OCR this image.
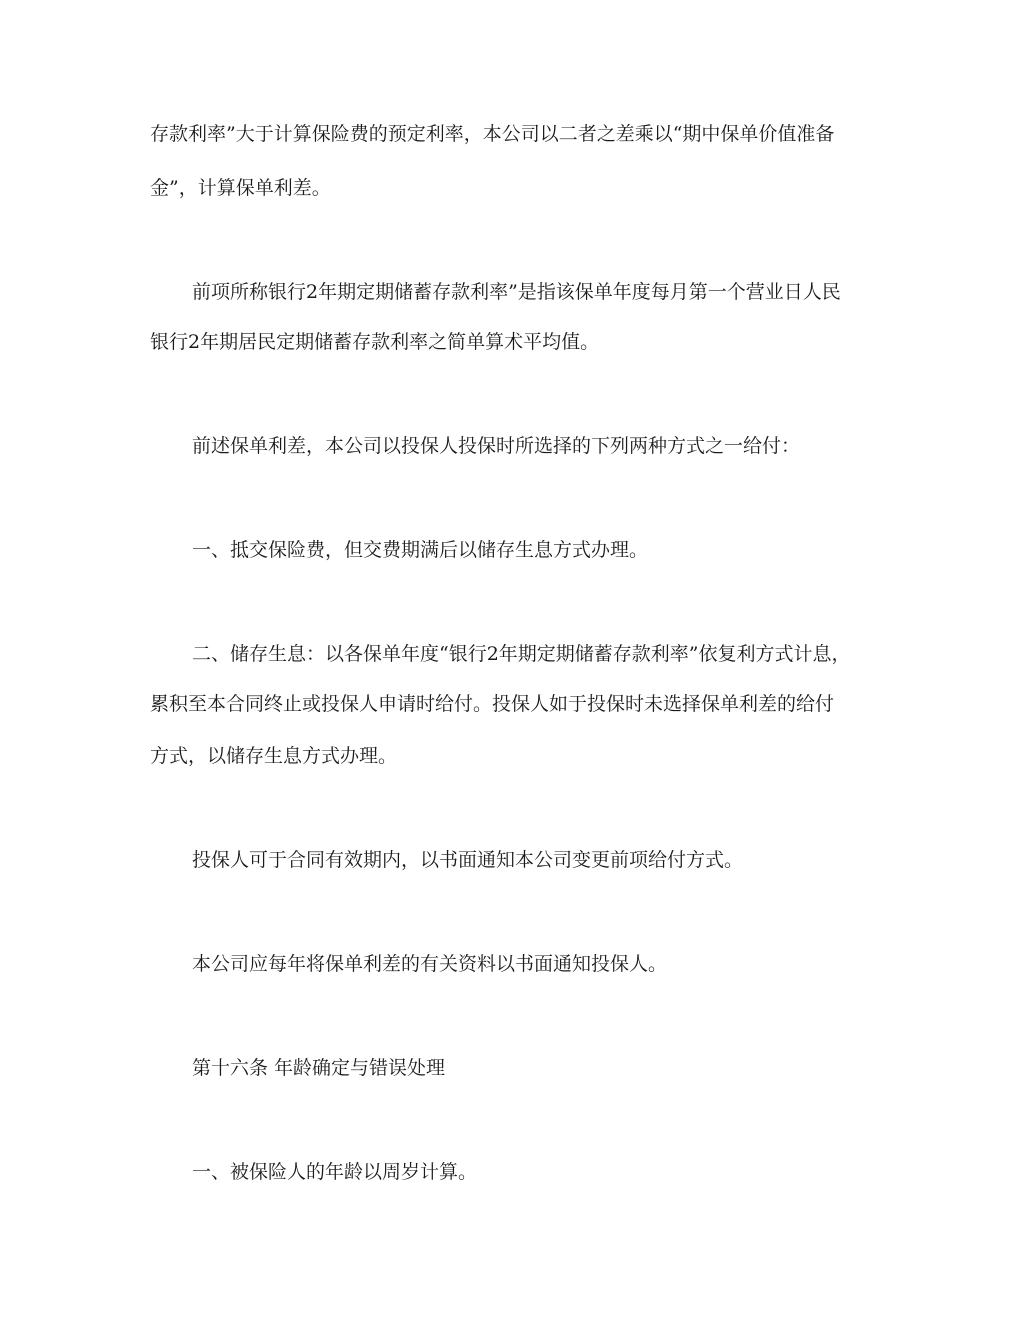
存款利率”大于计算保险费的预定利率，本公司以二者之差乘以“期中保单价值准备
金”，计算保单利差。
前项所称银行2年期定期储蓄存款利率”是指该保单年度每月第一个营业日人民
银行2年期居民定期储蓄存款利率之简单算术平均值。
前述保单利差，本公司以投保人投保时所选择的下列两种方式之一给付：
一、抵交保险费，但交费期满后以储存生息方式办理。
二、储存生息：以各保单年度“银行2年期定期储蓄存款利率”依复利方式计息，
累积至本合同终止或投保人申请时给付。投保人如于投保时未选择保单利差的给付
方式，以储存生息方式办理。
投保人可于合同有效期内，以书面通知本公司变更前项给付方式。
本公司应每年将保单利差的有关资料以书面通知投保人。
第十六条 年龄确定与错误处理
一、被保险人的年龄以周岁计算。
